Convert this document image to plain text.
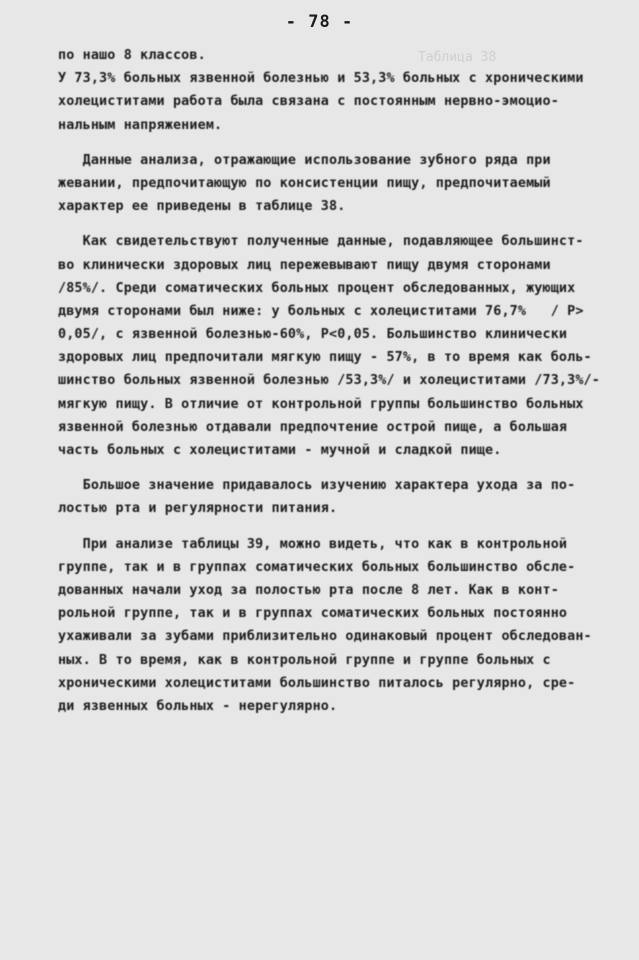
- 78 -
Таблица 38
по нашо 8 классов.
У 73,3% больных язвенной болезнью и 53,3% больных с хроническими
холециститами работа была связана с постоянным нервно-эмоцио-
нальным напряжением.
Данные анализа, отражающие использование зубного ряда при
жевании, предпочитающую по консистенции пищу, предпочитаемый
характер ее приведены в таблице 38.
Как свидетельствуют полученные данные, подавляющее большинст-
во клинически здоровых лиц пережевывают пищу двумя сторонами
/85%/. Среди соматических больных процент обследованных, жующих
двумя сторонами был ниже: у больных с холециститами 76,7%   / P>
0,05/, с язвенной болезнью-60%, P<0,05. Большинство клинически
здоровых лиц предпочитали мягкую пищу - 57%, в то время как боль-
шинство больных язвенной болезнью /53,3%/ и холециститами /73,3%/-
мягкую пищу. В отличие от контрольной группы большинство больных
язвенной болезнью отдавали предпочтение острой пище, а большая
часть больных с холециститами - мучной и сладкой пище.
Большое значение придавалось изучению характера ухода за по-
лостью рта и регулярности питания.
При анализе таблицы 39, можно видеть, что как в контрольной
группе, так и в группах соматических больных большинство обсле-
дованных начали уход за полостью рта после 8 лет. Как в конт-
рольной группе, так и в группах соматических больных постоянно
ухаживали за зубами приблизительно одинаковый процент обследован-
ных. В то время, как в контрольной группе и группе больных с
хроническими холециститами большинство питалось регулярно, сре-
ди язвенных больных - нерегулярно.
